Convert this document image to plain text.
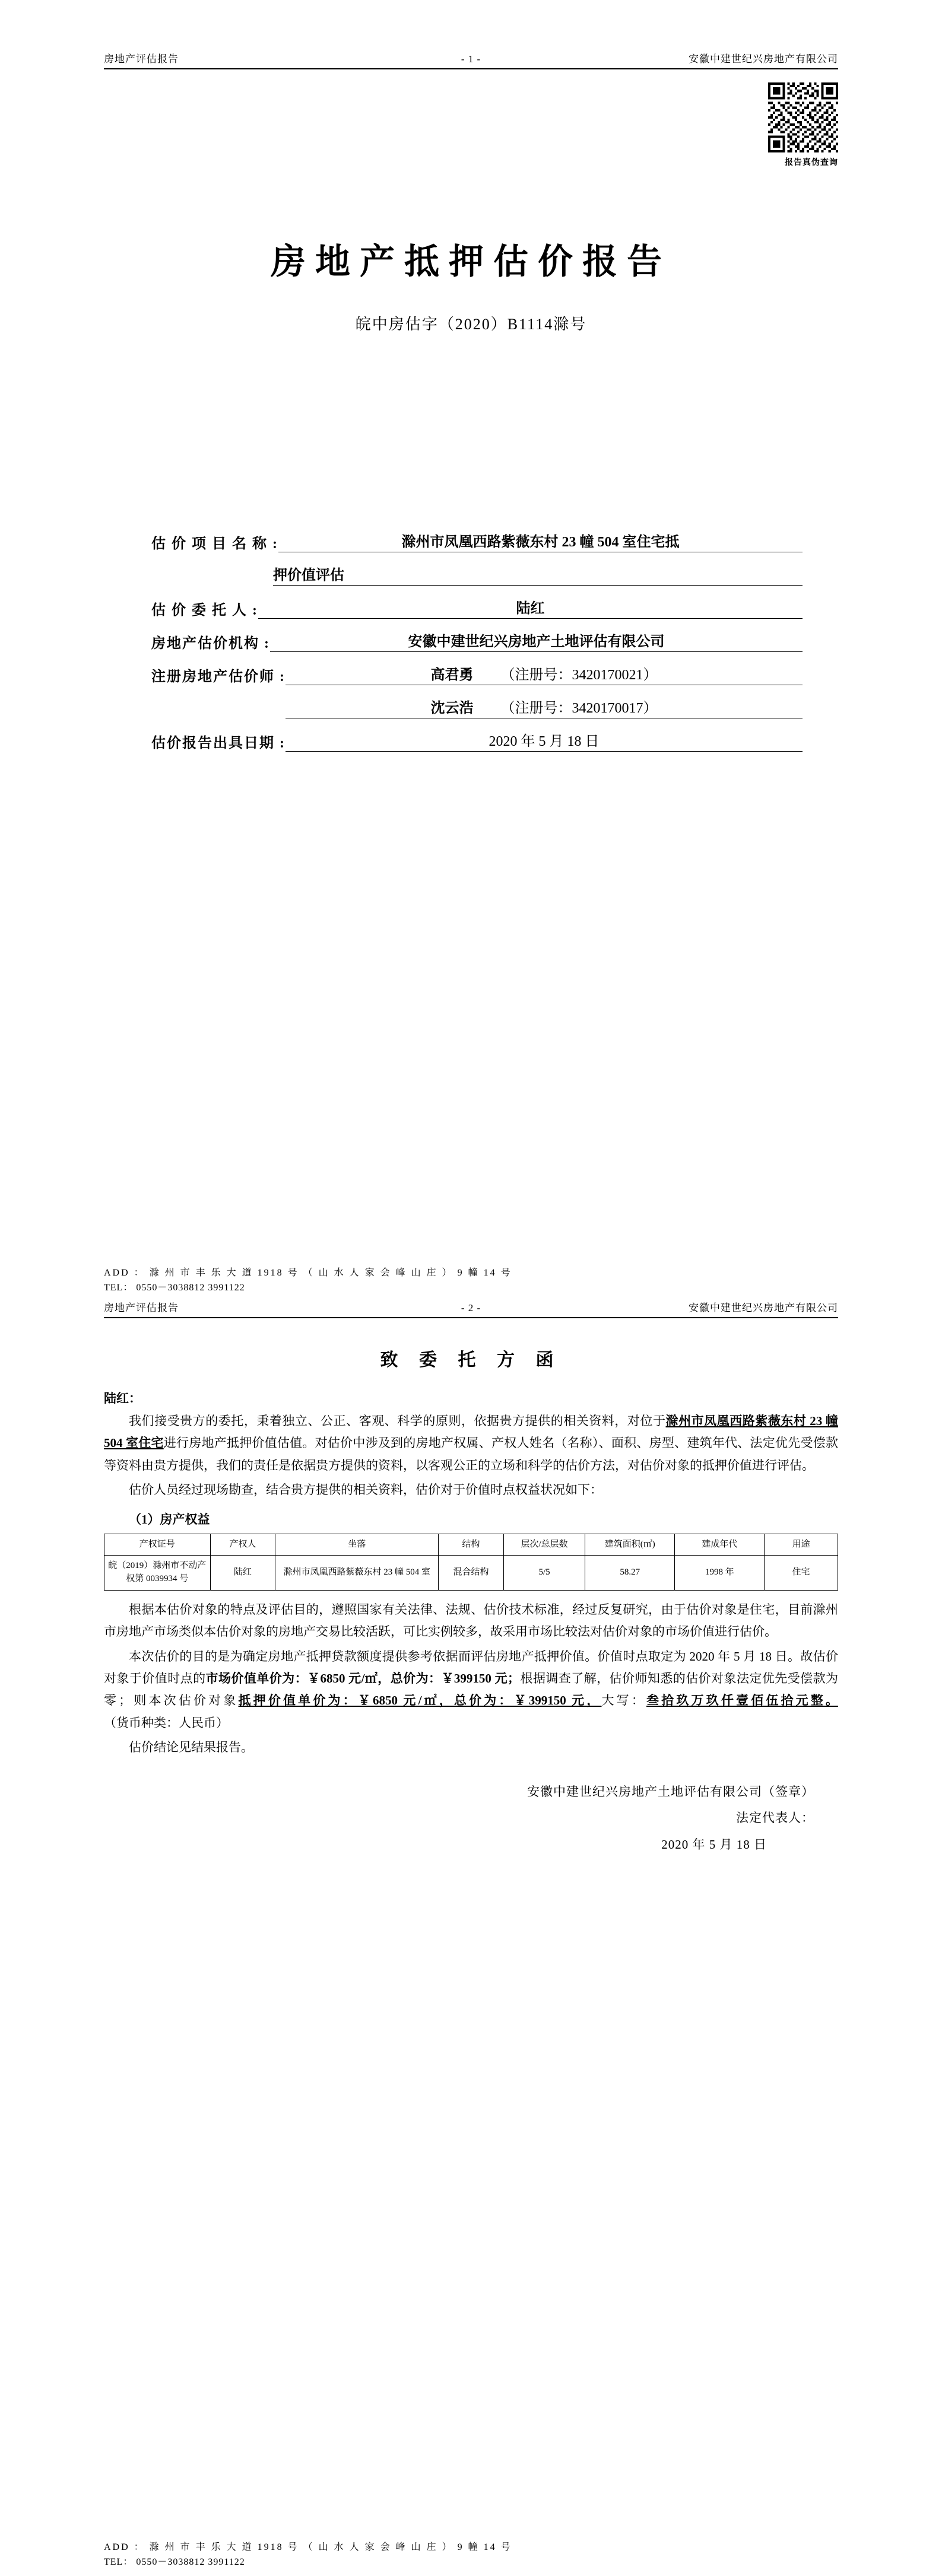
房地产评估报告	- 1 -	安徽中建世纪兴房地产有限公司
报告真伪查询
房地产抵押估价报告
皖中房估字（2020）B1114滁号
估 价 项 目 名 称 :	滁州市凤凰西路紫薇东村 23 幢 504 室住宅抵
押价值评估
估 价 委 托 人 :	陆红
房地产估价机构 :	安徽中建世纪兴房地产土地评估有限公司
注册房地产估价师 :	高君勇 （注册号：3420170021）
沈云浩 （注册号：3420170017）
估价报告出具日期 :	2020 年 5 月 18 日
ADD ： 滁 州 市 丰 乐 大 道 1918 号 （ 山 水 人 家 会 峰 山 庄 ） 9 幢 14 号
TEL： 0550－3038812 3991122
房地产评估报告	- 2 -	安徽中建世纪兴房地产有限公司
致 委 托 方 函
陆红：

我们接受贵方的委托，秉着独立、公正、客观、科学的原则，依据贵方提供的相关资料，对位于滁州市凤凰西路紫薇东村 23 幢 504 室住宅进行房地产抵押价值估值。对估价中涉及到的房地产权属、产权人姓名（名称）、面积、房型、建筑年代、法定优先受偿款等资料由贵方提供，我们的责任是依据贵方提供的资料，以客观公正的立场和科学的估价方法，对估价对象的抵押价值进行评估。

估价人员经过现场勘查，结合贵方提供的相关资料，估价对于价值时点权益状况如下：

（1）房产权益
产权证号	产权人	坐落	结构	层次/总层数	建筑面积(㎡)	建成年代	用途
皖（2019）滁州市不动产权第 0039934 号	陆红	滁州市凤凰西路紫薇东村 23 幢 504 室	混合结构	5/5	58.27	1998 年	住宅

根据本估价对象的特点及评估目的，遵照国家有关法律、法规、估价技术标准，经过反复研究，由于估价对象是住宅，目前滁州市房地产市场类似本估价对象的房地产交易比较活跃，可比实例较多，故采用市场比较法对估价对象的市场价值进行估价。

本次估价的目的是为确定房地产抵押贷款额度提供参考依据而评估房地产抵押价值。价值时点取定为 2020 年 5 月 18 日。故估价对象于价值时点的市场价值单价为：￥6850 元/㎡，总价为：￥399150 元；根据调查了解，估价师知悉的估价对象法定优先受偿款为零；则本次估价对象抵押价值单价为：￥6850 元/㎡，总价为：￥399150 元，大写：叁拾玖万玖仟壹佰伍拾元整。（货币种类：人民币）

估价结论见结果报告。

安徽中建世纪兴房地产土地评估有限公司（签章）
法定代表人：
2020 年 5 月 18 日
ADD ： 滁 州 市 丰 乐 大 道 1918 号 （ 山 水 人 家 会 峰 山 庄 ） 9 幢 14 号
TEL： 0550－3038812 3991122
